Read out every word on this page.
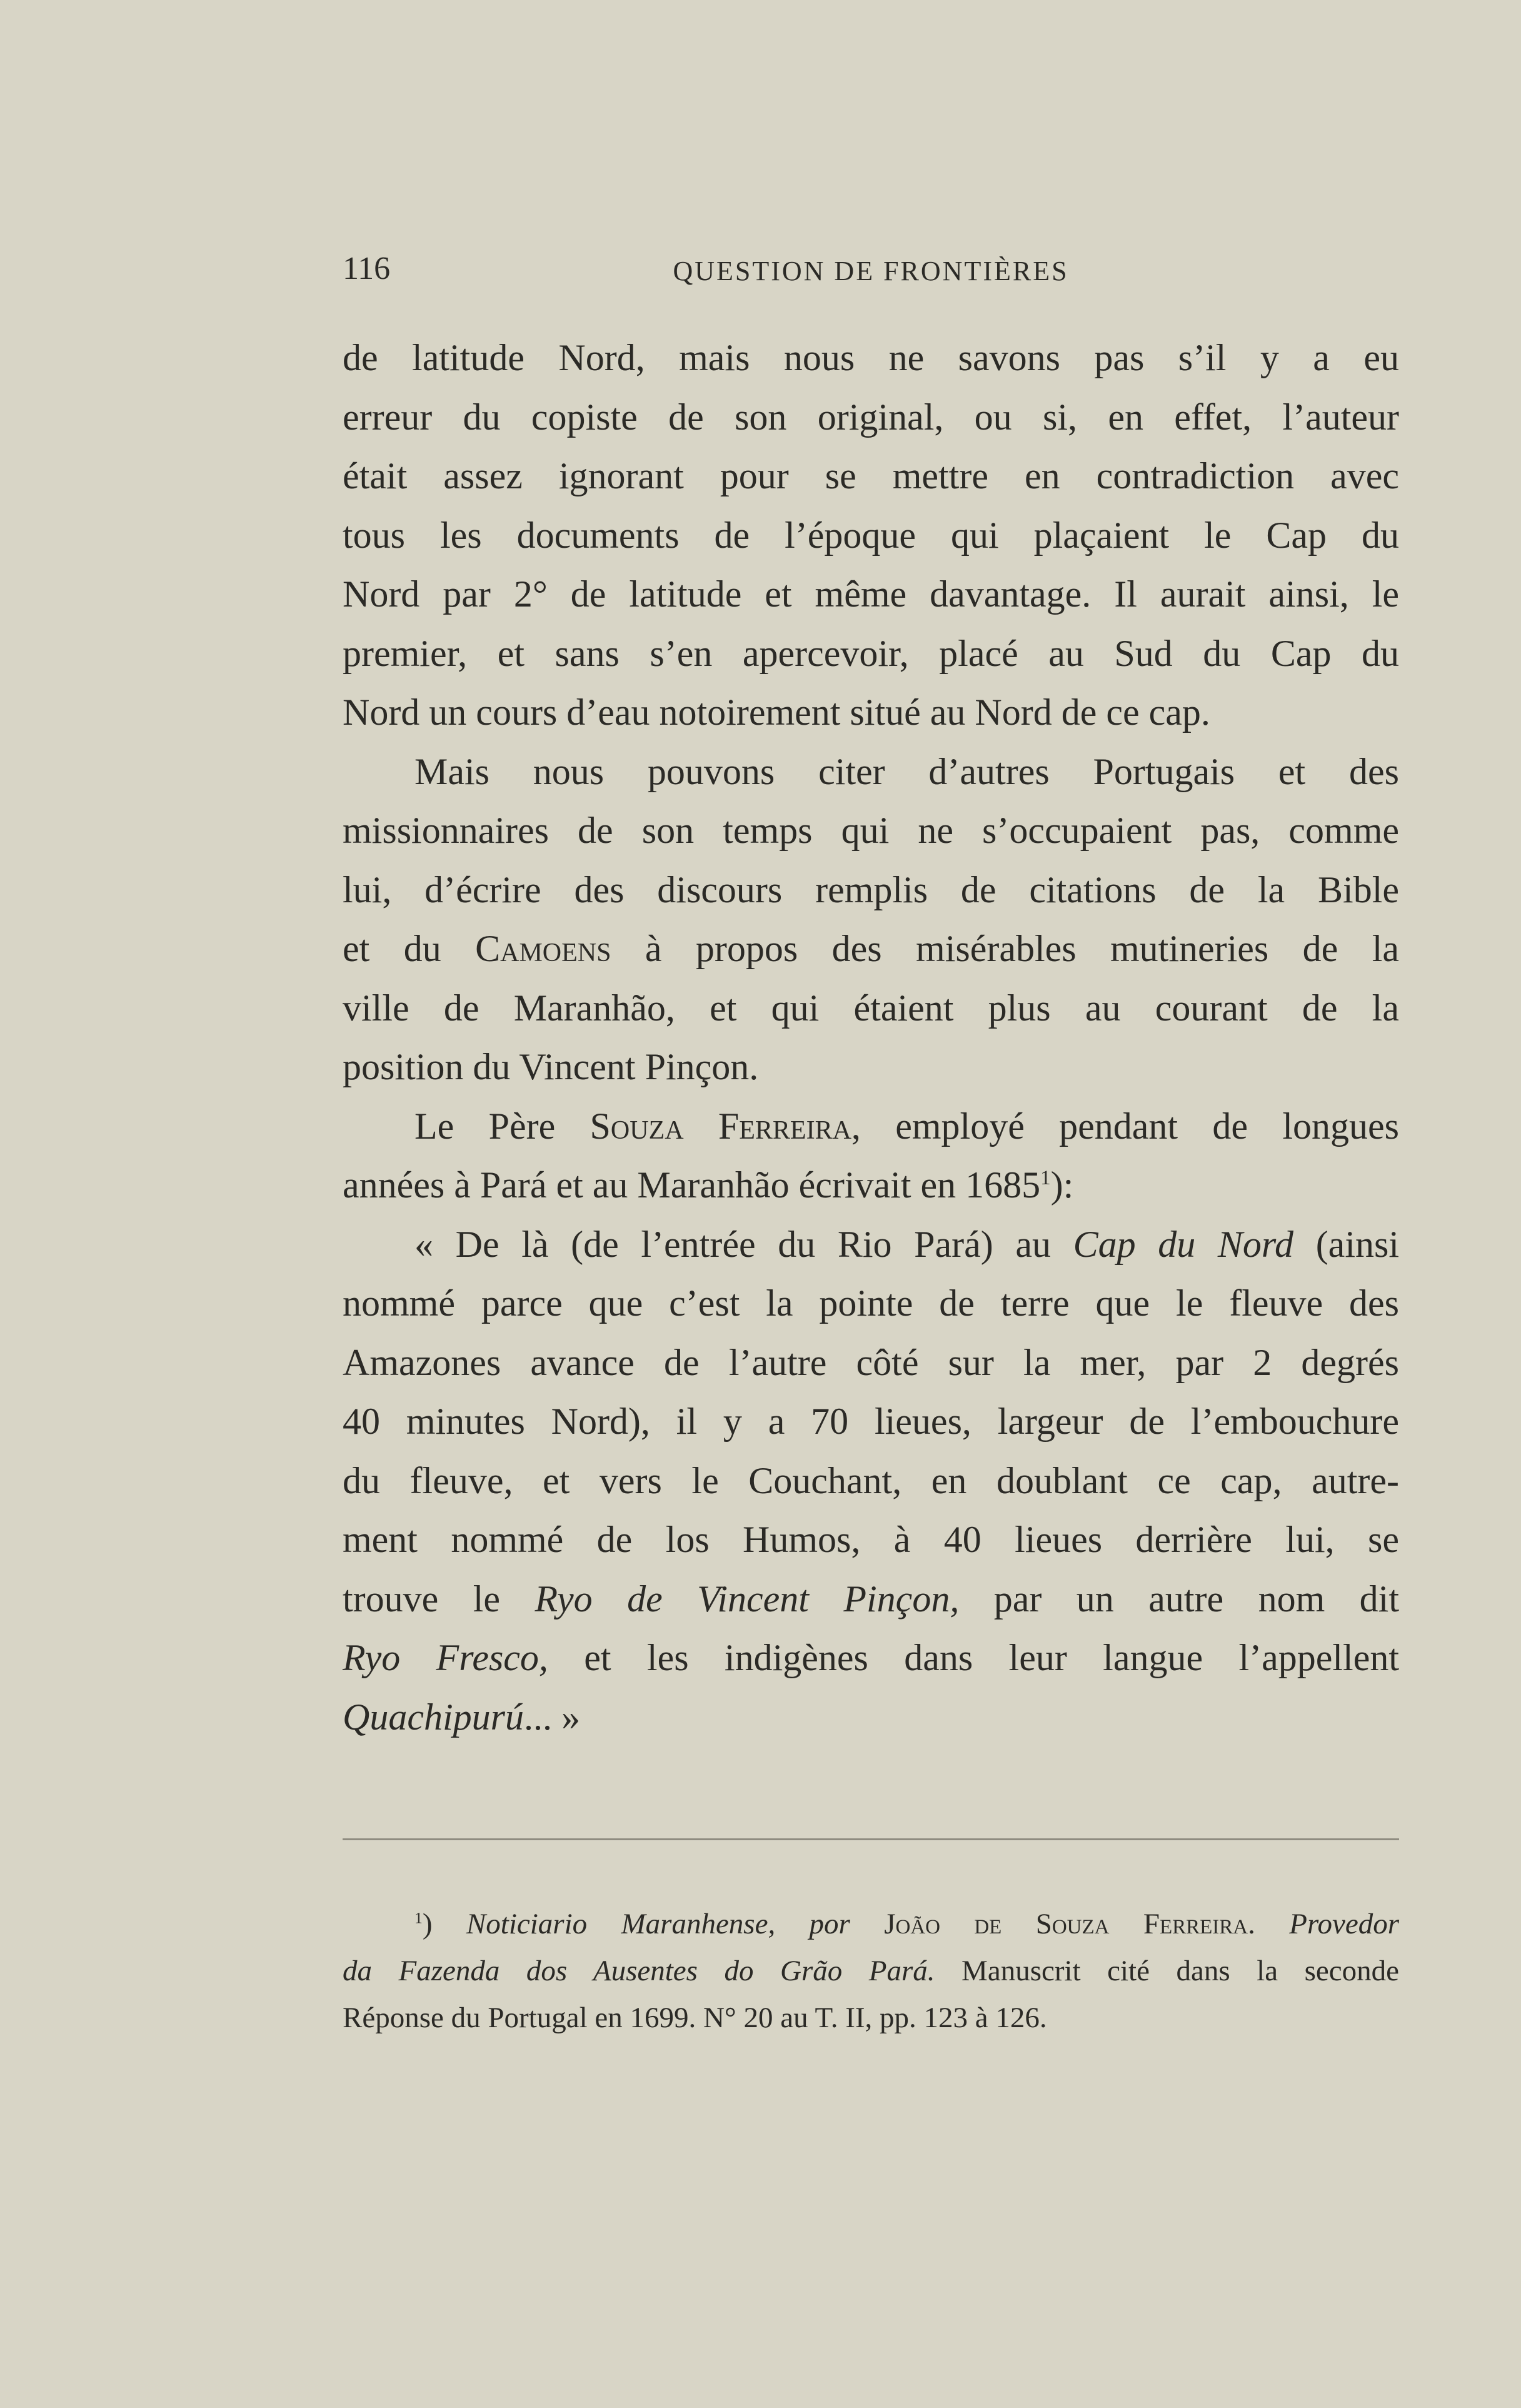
116	QUESTION DE FRONTIÈRES

de latitude Nord, mais nous ne savons pas s’il y a eu

erreur du copiste de son original, ou si, en effet, l’auteur

était assez ignorant pour se mettre en contradiction avec

tous les documents de l’époque qui plaçaient le Cap du

Nord par 2° de latitude et même davantage. Il aurait ainsi, le

premier, et sans s’en apercevoir, placé au Sud du Cap du

Nord un cours d’eau notoirement situé au Nord de ce cap.

Mais nous pouvons citer d’autres Portugais et des

missionnaires de son temps qui ne s’occupaient pas, comme

lui, d’écrire des discours remplis de citations de la Bible

et du Camoens à propos des misérables mutineries de la

ville de Maranhão, et qui étaient plus au courant de la

position du Vincent Pinçon.

Le Père Souza Ferreira, employé pendant de longues

années à Pará et au Maranhão écrivait en 1685$^1$):

« De là (de l’entrée du Rio Pará) au Cap du Nord (ainsi

nommé parce que c’est la pointe de terre que le fleuve des

Amazones avance de l’autre côté sur la mer, par 2 degrés

40 minutes Nord), il y a 70 lieues, largeur de l’embouchure

du fleuve, et vers le Couchant, en doublant ce cap, autre-

ment nommé de los Humos, à 40 lieues derrière lui, se

trouve le Ryo de Vincent Pinçon, par un autre nom dit

Ryo Fresco, et les indigènes dans leur langue l’appellent

Quachipurú... »

$^1$) Noticiario Maranhense, por João de Souza Ferreira. Provedor

da Fazenda dos Ausentes do Grão Pará. Manuscrit cité dans la seconde

Réponse du Portugal en 1699. N° 20 au T. II, pp. 123 à 126.
